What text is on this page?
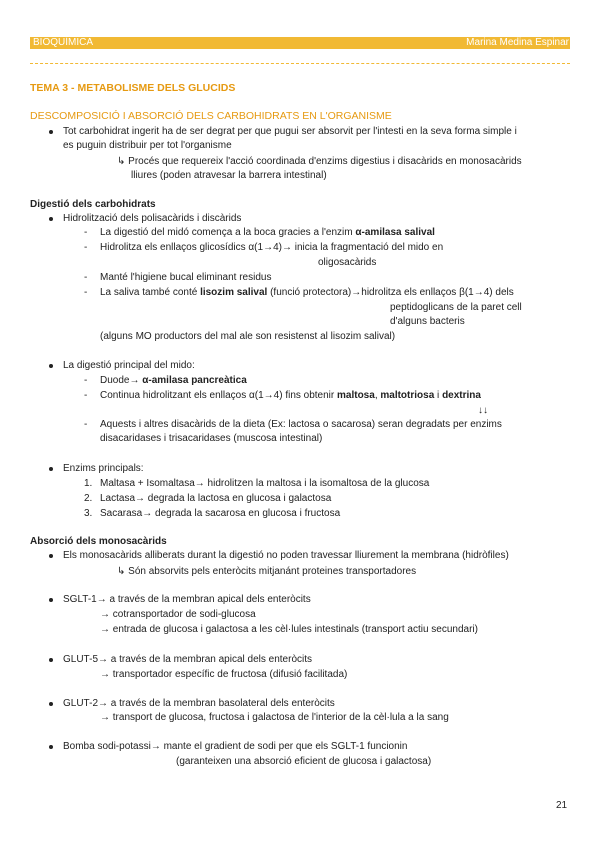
BIOQUÍMICA	Marina Medina Espinar
TEMA 3 - METABOLISME DELS GLUCIDS
DESCOMPOSICIÓ I ABSORCIÓ DELS CARBOHIDRATS EN L'ORGANISME
Tot carbohidrat ingerit ha de ser degrat per que pugui ser absorvit per l'intesti en la seva forma simple i
es puguin distribuir per tot l'organisme
↳ Procés que requereix l'acció coordinada d'enzims digestius i disacàrids en monosacàrids
lliures (poden atravesar la barrera intestinal)
Digestió dels carbohidrats
Hidrolització dels polisacàrids i discàrids
- La digestió del midó comença a la boca gracies a l'enzim α-amilasa salival
- Hidrolitza els enllaços glicosídics α(1→4)→ inicia la fragmentació del mido en
oligosacàrids
- Manté l'higiene bucal eliminant residus
- La saliva també conté lisozim salival (funció protectora)→hidrolitza els enllaços β(1→4) dels
peptidoglicans de la paret cell
d'alguns bacteris
(alguns MO productors del mal ale son resistenst al lisozim salival)
La digestió principal del mido:
- Duode→ α-amilasa pancreàtica
- Continua hidrolitzant els enllaços α(1→4) fins obtenir maltosa, maltotriosa i dextrina
↓↓
- Aquests i altres disacàrids de la dieta (Ex: lactosa o sacarosa) seran degradats per enzims
disacaridases i trisacaridases (muscosa intestinal)
Enzims principals:
1. Maltasa + Isomaltasa→ hidrolitzen la maltosa i la isomaltosa de la glucosa
2. Lactasa→ degrada la lactosa en glucosa i galactosa
3. Sacarasa→ degrada la sacarosa en glucosa i fructosa
Absorció dels monosacàrids
Els monosacàrids alliberats durant la digestió no poden travessar lliurement la membrana (hidròfiles)
↳ Són absorvits pels enteròcits mitjanánt proteines transportadores
SGLT-1→ a través de la membran apical dels enteròcits
→ cotransportador de sodi-glucosa
→ entrada de glucosa i galactosa a les cèl·lules intestinals (transport actiu secundari)
GLUT-5→ a través de la membran apical dels enteròcits
→ transportador específic de fructosa (difusió facilitada)
GLUT-2→ a través de la membran basolateral dels enteròcits
→ transport de glucosa, fructosa i galactosa de l'interior de la cèl·lula a la sang
Bomba sodi-potassi→ mante el gradient de sodi per que els SGLT-1 funcionin
(garanteixen una absorció eficient de glucosa i galactosa)
21
